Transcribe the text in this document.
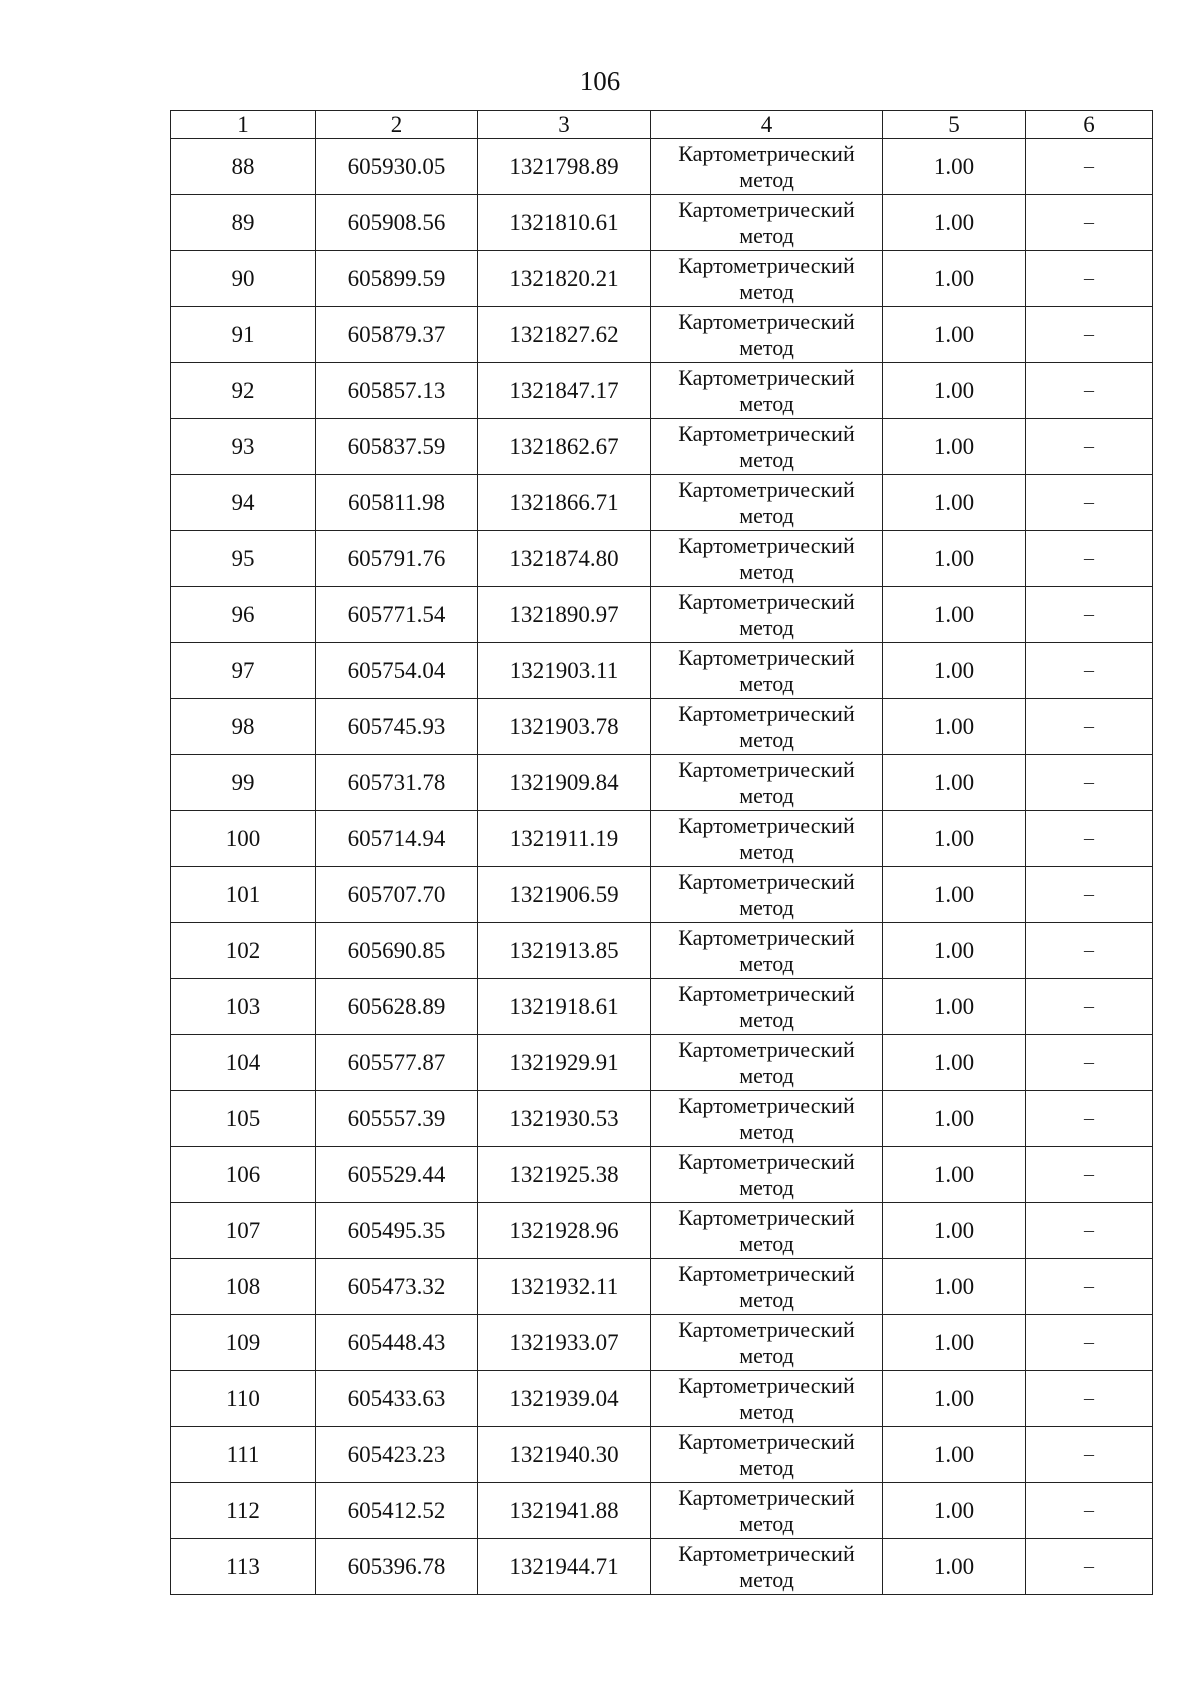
106
1	2	3	4	5	6
88	605930.05	1321798.89	Картометрический метод	1.00	–
89	605908.56	1321810.61	Картометрический метод	1.00	–
90	605899.59	1321820.21	Картометрический метод	1.00	–
91	605879.37	1321827.62	Картометрический метод	1.00	–
92	605857.13	1321847.17	Картометрический метод	1.00	–
93	605837.59	1321862.67	Картометрический метод	1.00	–
94	605811.98	1321866.71	Картометрический метод	1.00	–
95	605791.76	1321874.80	Картометрический метод	1.00	–
96	605771.54	1321890.97	Картометрический метод	1.00	–
97	605754.04	1321903.11	Картометрический метод	1.00	–
98	605745.93	1321903.78	Картометрический метод	1.00	–
99	605731.78	1321909.84	Картометрический метод	1.00	–
100	605714.94	1321911.19	Картометрический метод	1.00	–
101	605707.70	1321906.59	Картометрический метод	1.00	–
102	605690.85	1321913.85	Картометрический метод	1.00	–
103	605628.89	1321918.61	Картометрический метод	1.00	–
104	605577.87	1321929.91	Картометрический метод	1.00	–
105	605557.39	1321930.53	Картометрический метод	1.00	–
106	605529.44	1321925.38	Картометрический метод	1.00	–
107	605495.35	1321928.96	Картометрический метод	1.00	–
108	605473.32	1321932.11	Картометрический метод	1.00	–
109	605448.43	1321933.07	Картометрический метод	1.00	–
110	605433.63	1321939.04	Картометрический метод	1.00	–
111	605423.23	1321940.30	Картометрический метод	1.00	–
112	605412.52	1321941.88	Картометрический метод	1.00	–
113	605396.78	1321944.71	Картометрический метод	1.00	–
